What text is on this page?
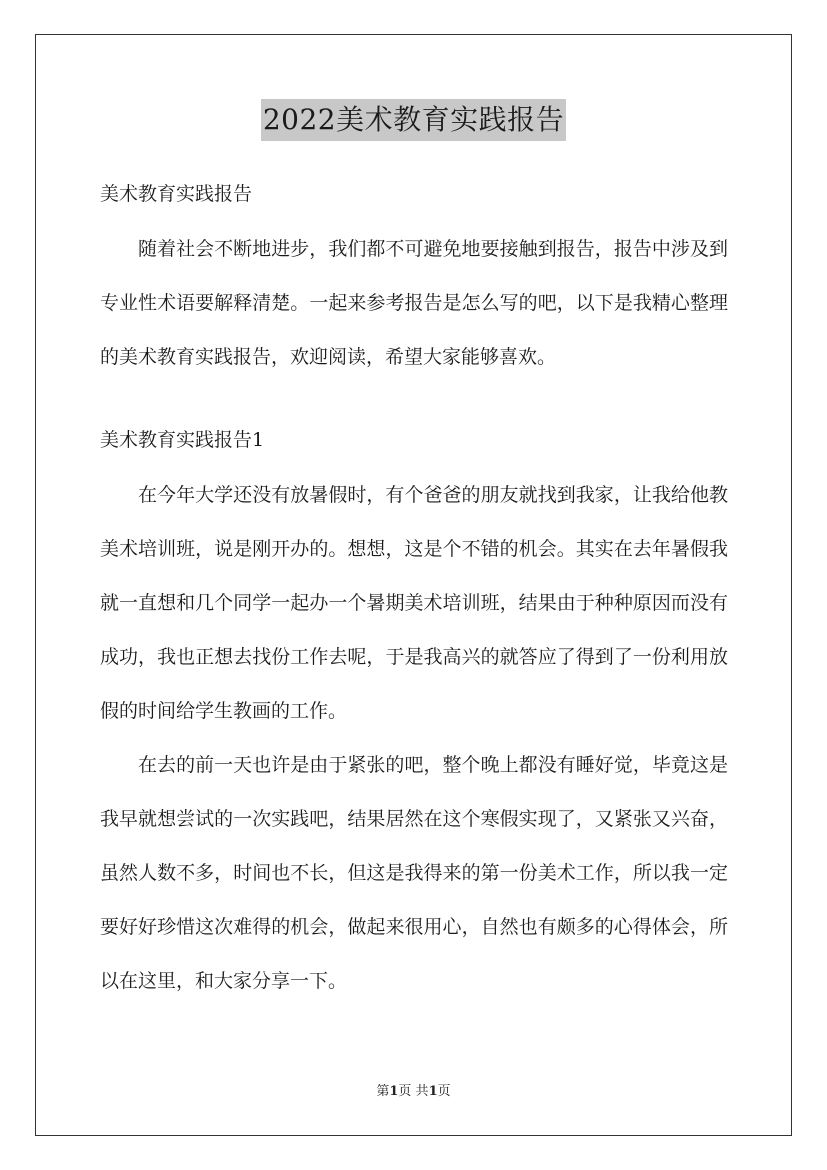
2022美术教育实践报告

美术教育实践报告

随着社会不断地进步，我们都不可避免地要接触到报告，报告中涉及到专业性术语要解释清楚。一起来参考报告是怎么写的吧，以下是我精心整理的美术教育实践报告，欢迎阅读，希望大家能够喜欢。

美术教育实践报告1

在今年大学还没有放暑假时，有个爸爸的朋友就找到我家，让我给他教美术培训班，说是刚开办的。想想，这是个不错的机会。其实在去年暑假我就一直想和几个同学一起办一个暑期美术培训班，结果由于种种原因而没有成功，我也正想去找份工作去呢，于是我高兴的就答应了得到了一份利用放假的时间给学生教画的工作。

在去的前一天也许是由于紧张的吧，整个晚上都没有睡好觉，毕竟这是我早就想尝试的一次实践吧，结果居然在这个寒假实现了，又紧张又兴奋，虽然人数不多，时间也不长，但这是我得来的第一份美术工作，所以我一定要好好珍惜这次难得的机会，做起来很用心，自然也有颇多的心得体会，所以在这里，和大家分享一下。

第1页 共1页
